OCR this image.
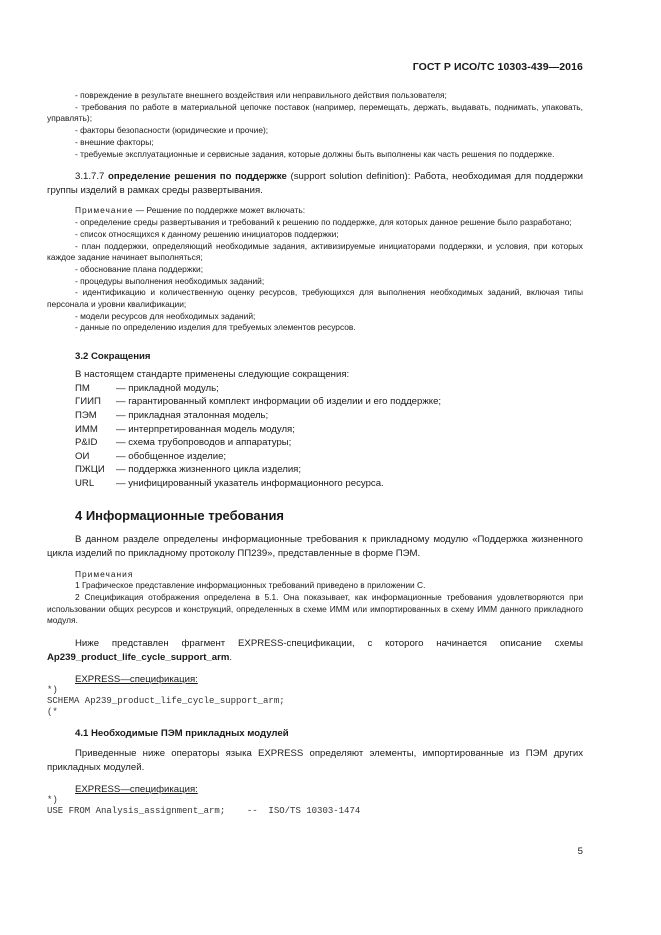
ГОСТ Р ИСО/ТС 10303-439—2016

- повреждение в результате внешнего воздействия или неправильного действия пользователя;

- требования по работе в материальной цепочке поставок (например, перемещать, держать, выдавать, поднимать, упаковать, управлять);

- факторы безопасности (юридические и прочие);

- внешние факторы;

- требуемые эксплуатационные и сервисные задания, которые должны быть выполнены как часть решения по поддержке.

3.1.7.7 определение решения по поддержке (support solution definition): Работа, необходимая для поддержки группы изделий в рамках среды развертывания.

Примечание — Решение по поддержке может включать:

- определение среды развертывания и требований к решению по поддержке, для которых данное решение было разработано;

- список относящихся к данному решению инициаторов поддержки;

- план поддержки, определяющий необходимые задания, активизируемые инициаторами поддержки, и условия, при которых каждое задание начинает выполняться;

- обоснование плана поддержки;

- процедуры выполнения необходимых заданий;

- идентификацию и количественную оценку ресурсов, требующихся для выполнения необходимых заданий, включая типы персонала и уровни квалификации;

- модели ресурсов для необходимых заданий;

- данные по определению изделия для требуемых элементов ресурсов.

3.2 Сокращения

В настоящем стандарте применены следующие сокращения:

ПМ	— прикладной модуль;
ГИИП	— гарантированный комплект информации об изделии и его поддержке;
ПЭМ	— прикладная эталонная модель;
ИММ	— интерпретированная модель модуля;
P&ID	— схема трубопроводов и аппаратуры;
ОИ	— обобщенное изделие;
ПЖЦИ	— поддержка жизненного цикла изделия;
URL	— унифицированный указатель информационного ресурса.
4 Информационные требования

В данном разделе определены информационные требования к прикладному модулю «Поддержка жизненного цикла изделий по прикладному протоколу ПП239», представленные в форме ПЭМ.

Примечания

1 Графическое представление информационных требований приведено в приложении С.

2 Спецификация отображения определена в 5.1. Она показывает, как информационные требования удовлетворяются при использовании общих ресурсов и конструкций, определенных в схеме ИММ или импортированных в схему ИММ данного прикладного модуля.

Ниже представлен фрагмент EXPRESS-спецификации, с которого начинается описание схемы Ap239_product_life_cycle_support_arm.

EXPRESS—спецификация:
*)
SCHEMA Ap239_product_life_cycle_support_arm;
(*
4.1 Необходимые ПЭМ прикладных модулей

Приведенные ниже операторы языка EXPRESS определяют элементы, импортированные из ПЭМ других прикладных модулей.

EXPRESS—спецификация:
*)
USE FROM Analysis_assignment_arm;    --  ISO/TS 10303-1474
5
